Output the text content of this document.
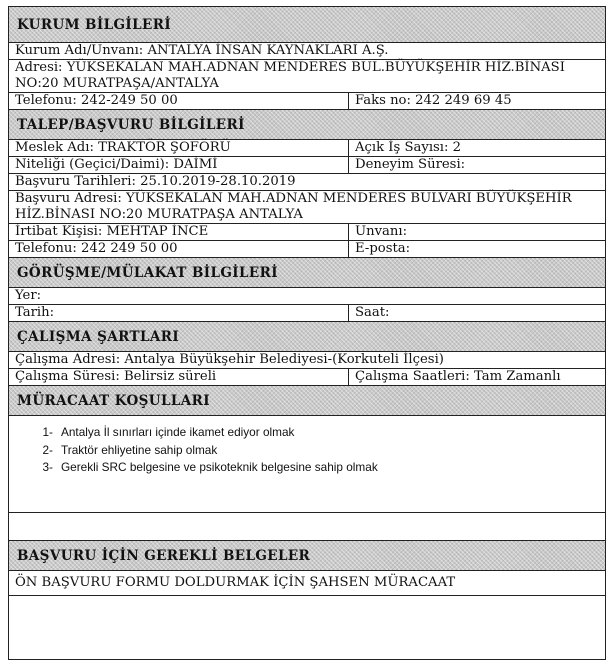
KURUM BİLGİLERİ
Kurum Adı/Unvanı: ANTALYA İNSAN KAYNAKLARI A.Ş.
Adresi: YÜKSEKALAN MAH.ADNAN MENDERES BUL.BÜYÜKŞEHİR HİZ.BİNASI NO:20 MURATPAŞA/ANTALYA
Telefonu: 242-249 50 00	Faks no: 242 249 69 45
TALEP/BAŞVURU BİLGİLERİ
Meslek Adı: TRAKTÖR ŞOFÖRÜ	Açık İş Sayısı: 2
Niteliği (Geçici/Daimi): DAİMİ	Deneyim Süresi:
Başvuru Tarihleri: 25.10.2019-28.10.2019
Başvuru Adresi: YÜKSEKALAN MAH.ADNAN MENDERES BULVARI BÜYÜKŞEHİR HİZ.BİNASI NO:20 MURATPAŞA ANTALYA
İrtibat Kişisi: MEHTAP İNCE	Unvanı:
Telefonu: 242 249 50 00	E-posta:
GÖRÜŞME/MÜLAKAT BİLGİLERİ
Yer:
Tarih:	Saat:
ÇALIŞMA ŞARTLARI
Çalışma Adresi: Antalya Büyükşehir Belediyesi-(Korkuteli İlçesi)
Çalışma Süresi: Belirsiz süreli	Çalışma Saatleri: Tam Zamanlı
MÜRACAAT KOŞULLARI
1- Antalya İl sınırları içinde ikamet ediyor olmak
2- Traktör ehliyetine sahip olmak
3- Gerekli SRC belgesine ve psikoteknik belgesine sahip olmak
BAŞVURU İÇİN GEREKLİ BELGELER
ÖN BAŞVURU FORMU DOLDURMAK İÇİN ŞAHSEN MÜRACAAT
